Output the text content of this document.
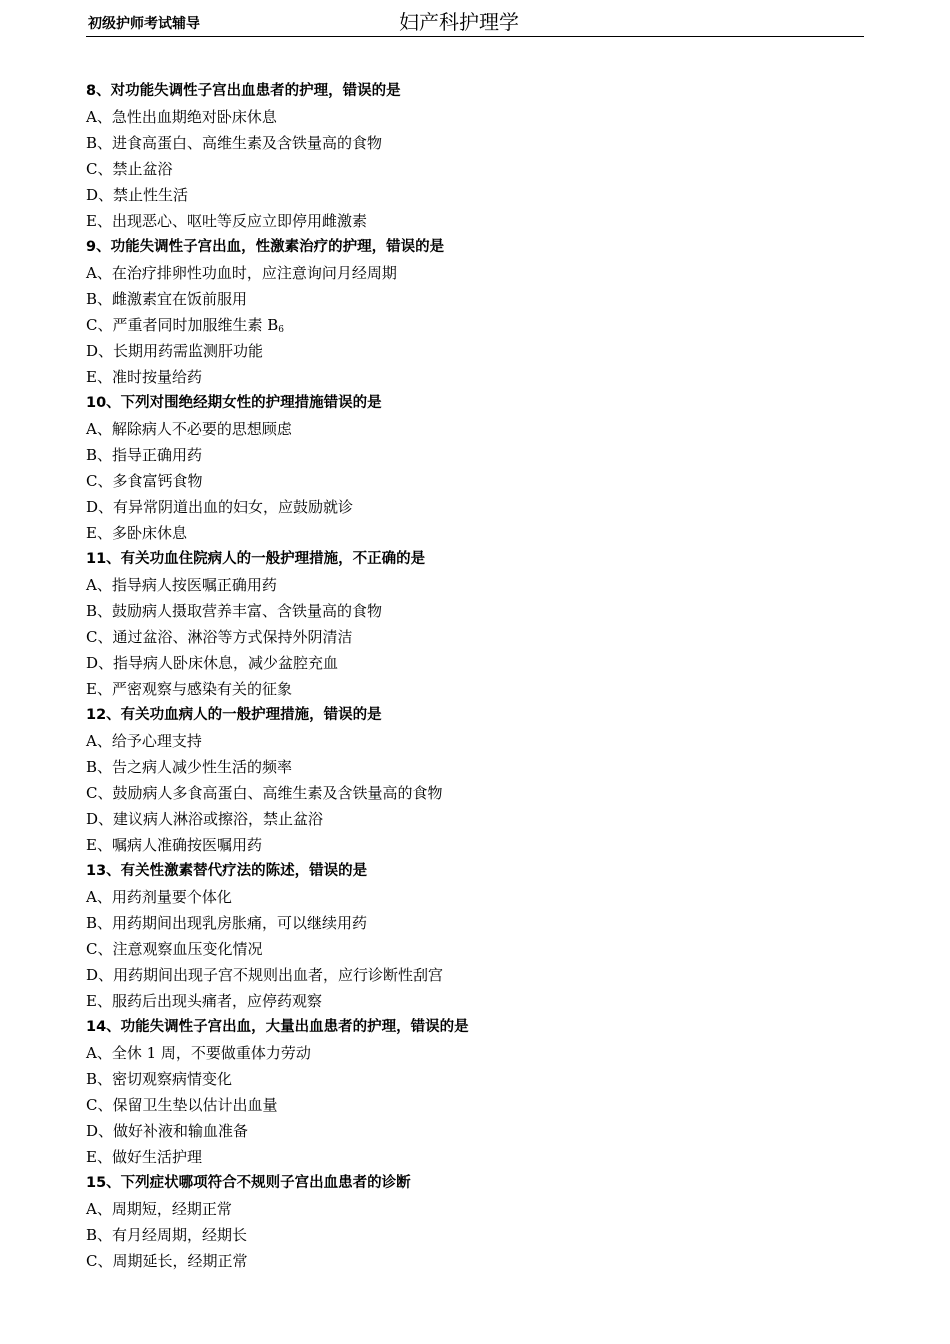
初级护师考试辅导	妇产科护理学
8、对功能失调性子宫出血患者的护理，错误的是
A、急性出血期绝对卧床休息
B、进食高蛋白、高维生素及含铁量高的食物
C、禁止盆浴
D、禁止性生活
E、出现恶心、呕吐等反应立即停用雌激素
9、功能失调性子宫出血，性激素治疗的护理，错误的是
A、在治疗排卵性功血时，应注意询问月经周期
B、雌激素宜在饭前服用
C、严重者同时加服维生素 $B_6$
D、长期用药需监测肝功能
E、准时按量给药
10、下列对围绝经期女性的护理措施错误的是
A、解除病人不必要的思想顾虑
B、指导正确用药
C、多食富钙食物
D、有异常阴道出血的妇女，应鼓励就诊
E、多卧床休息
11、有关功血住院病人的一般护理措施，不正确的是
A、指导病人按医嘱正确用药
B、鼓励病人摄取营养丰富、含铁量高的食物
C、通过盆浴、淋浴等方式保持外阴清洁
D、指导病人卧床休息，减少盆腔充血
E、严密观察与感染有关的征象
12、有关功血病人的一般护理措施，错误的是
A、给予心理支持
B、告之病人减少性生活的频率
C、鼓励病人多食高蛋白、高维生素及含铁量高的食物
D、建议病人淋浴或擦浴，禁止盆浴
E、嘱病人准确按医嘱用药
13、有关性激素替代疗法的陈述，错误的是
A、用药剂量要个体化
B、用药期间出现乳房胀痛，可以继续用药
C、注意观察血压变化情况
D、用药期间出现子宫不规则出血者，应行诊断性刮宫
E、服药后出现头痛者，应停药观察
14、功能失调性子宫出血，大量出血患者的护理，错误的是
A、全休 1 周，不要做重体力劳动
B、密切观察病情变化
C、保留卫生垫以估计出血量
D、做好补液和输血准备
E、做好生活护理
15、下列症状哪项符合不规则子宫出血患者的诊断
A、周期短，经期正常
B、有月经周期，经期长
C、周期延长，经期正常
